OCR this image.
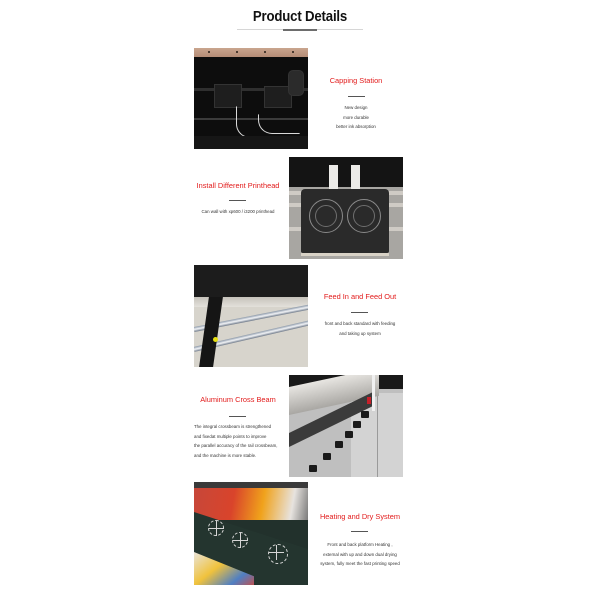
Product Details
Capping Station
New design
more durable
better ink absorption
Install Different Printhead
Can wall with xp600 / i3200 printhead
Feed In and Feed Out
front and back standard with feeding
and taking up system
Aluminum Cross Beam
The integral crossbeam is strengthened
and fixedat multiple points to improve
the parallel accuracy of the rail crossbeam,
and the machine is more stable.
Heating and Dry System
Front and back platform Heating ,
external with up and down dual drying
system, fully meet the fast printing speed
